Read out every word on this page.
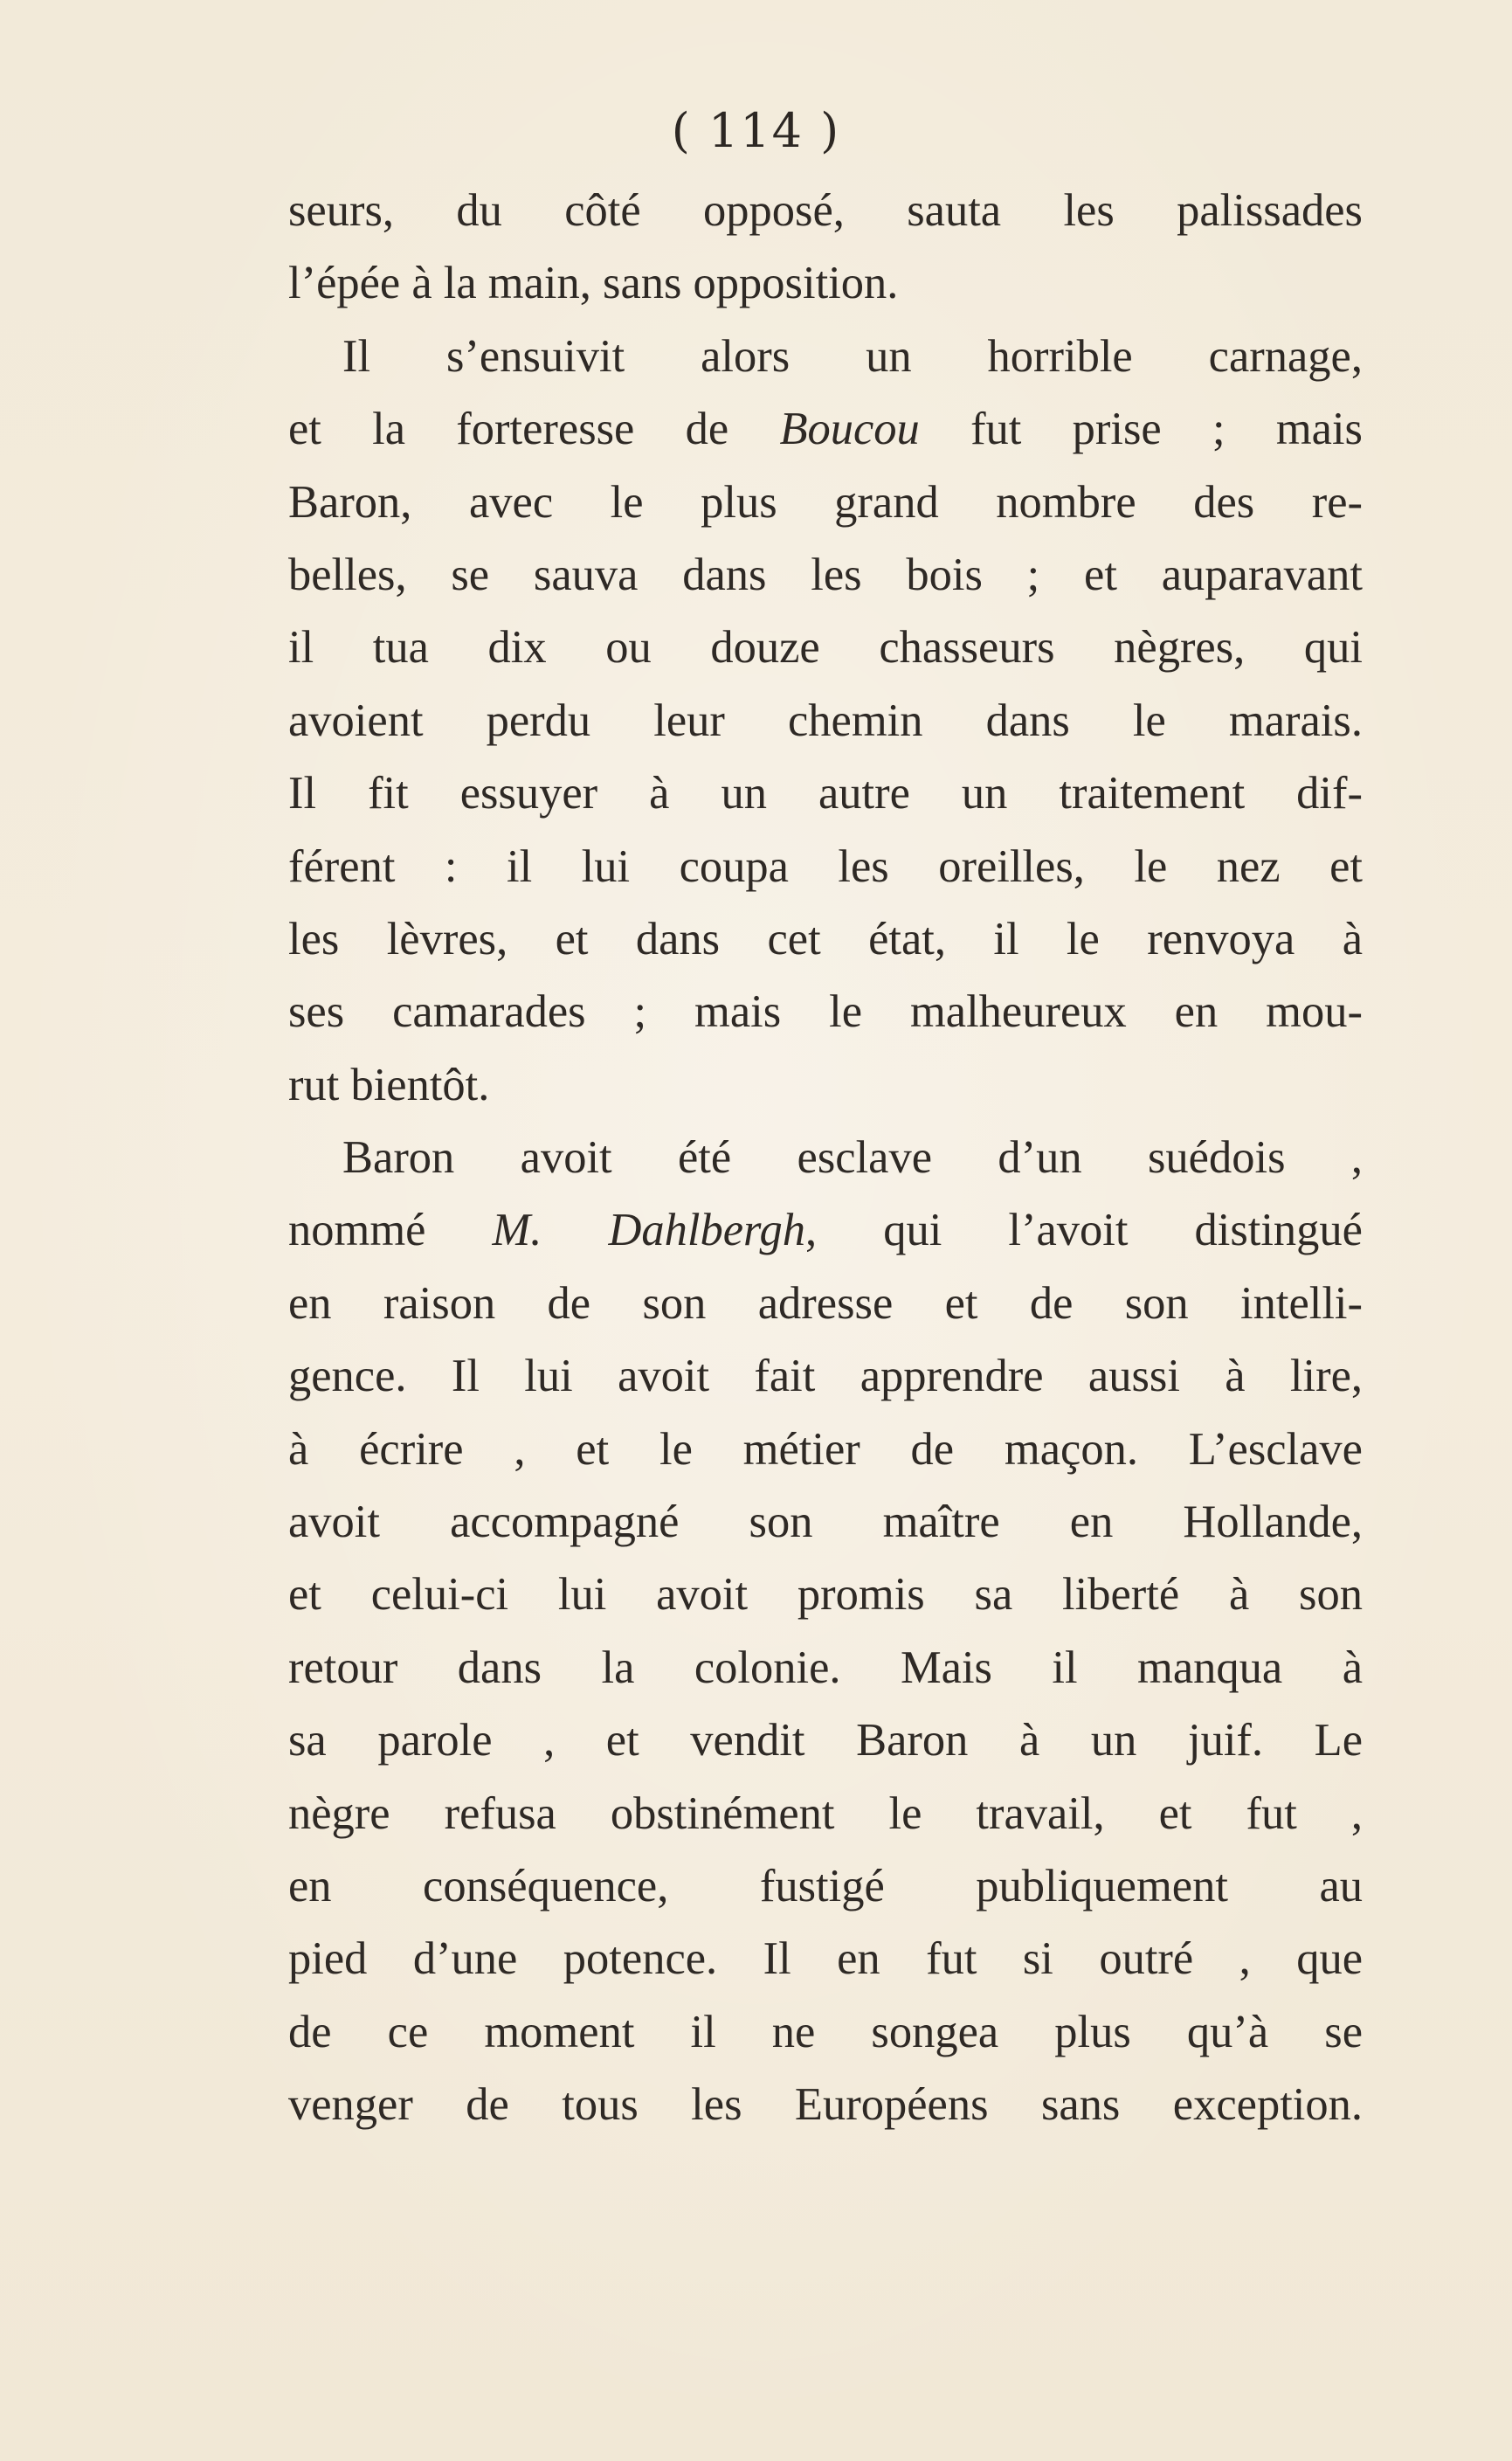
( 114 )
seurs, du côté opposé, sauta les palissades
l’épée à la main, sans opposition.
Il s’ensuivit alors un horrible carnage,
et la forteresse de Boucou fut prise ; mais
Baron, avec le plus grand nombre des re-
belles, se sauva dans les bois ; et auparavant
il tua dix ou douze chasseurs nègres, qui
avoient perdu leur chemin dans le marais.
Il fit essuyer à un autre un traitement dif-
férent : il lui coupa les oreilles, le nez et
les lèvres, et dans cet état, il le renvoya à
ses camarades ; mais le malheureux en mou-
rut bientôt.
Baron avoit été esclave d’un suédois ,
nommé M. Dahlbergh, qui l’avoit distingué
en raison de son adresse et de son intelli-
gence. Il lui avoit fait apprendre aussi à lire,
à écrire , et le métier de maçon. L’esclave
avoit accompagné son maître en Hollande,
et celui-ci lui avoit promis sa liberté à son
retour dans la colonie. Mais il manqua à
sa parole , et vendit Baron à un juif. Le
nègre refusa obstinément le travail, et fut ,
en conséquence, fustigé publiquement au
pied d’une potence. Il en fut si outré , que
de ce moment il ne songea plus qu’à se
venger de tous les Européens sans exception.
